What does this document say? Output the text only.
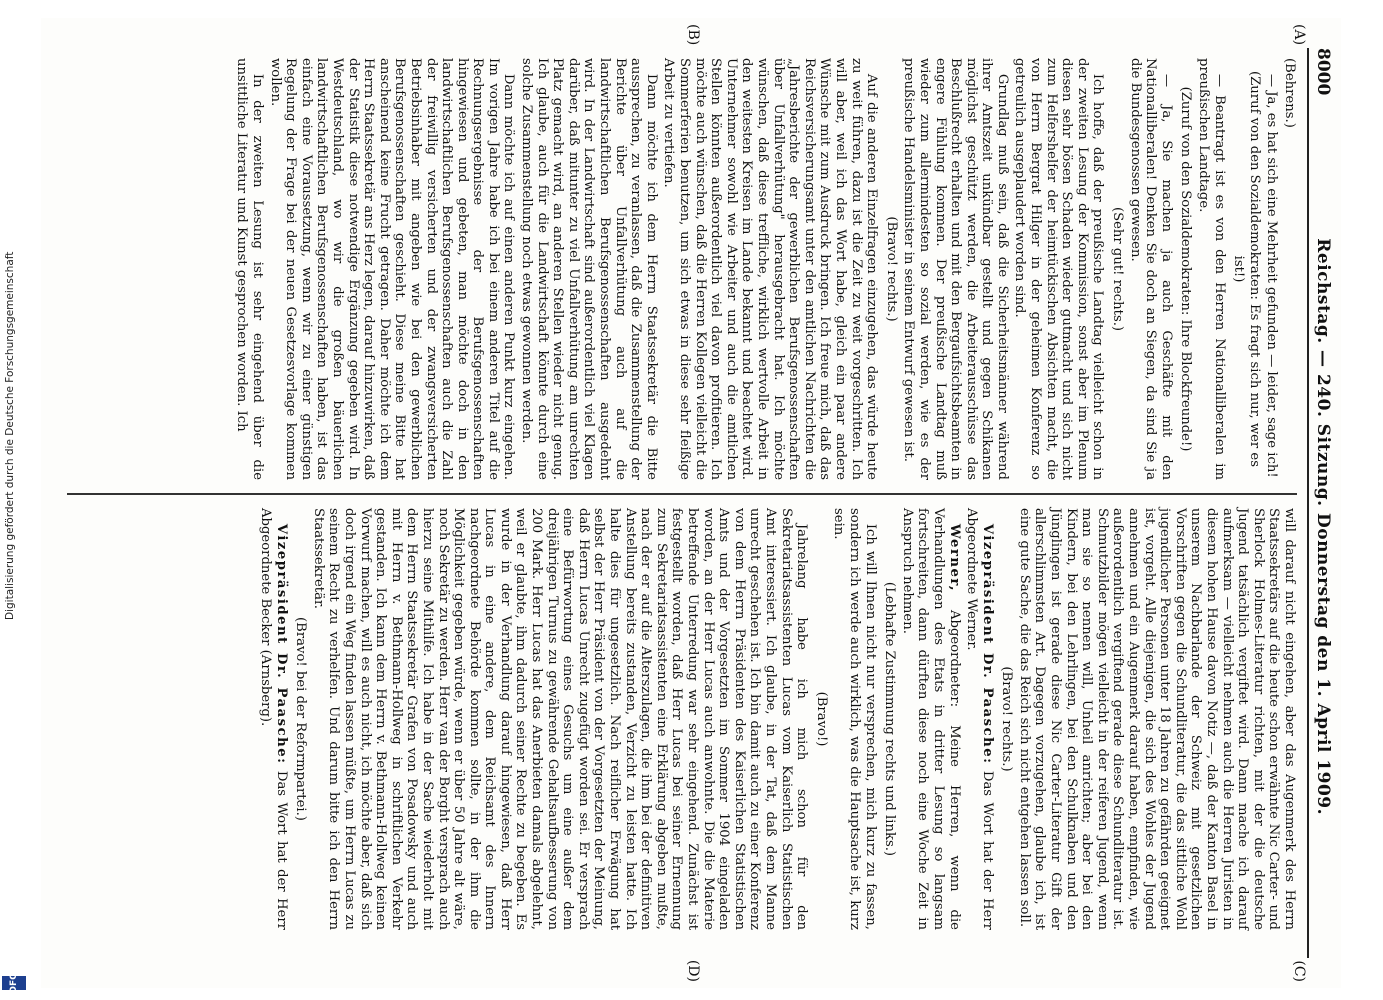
8000
Reichstag. — 240. Sitzung. Donnerstag den 1. April 1909.

(Behrens.)

— Ja, es hat sich eine Mehrheit gefunden — leider, sage ich!

(Zuruf von den Sozialdemokraten: Es fragt sich nur, wer es ist!)

— Beantragt ist es von den Herren Nationalliberalen im preußischen Landtage.

(Zuruf von den Sozialdemokraten: Ihre Blockfreunde!)

— Ja, Sie machen ja auch Geschäfte mit den Nationalliberalen! Denken Sie doch an Siegen, da sind Sie ja die Bundesgenossen gewesen.

(Sehr gut! rechts.)

Ich hoffe, daß der preußische Landtag vielleicht schon in der zweiten Lesung der Kommission, sonst aber im Plenum diesen sehr bösen Schaden wieder gutmacht und sich nicht zum Helfershelfer der heimtückischen Absichten macht, die von Herrn Bergrat Hilger in der geheimen Konferenz so getreulich ausgeplaudert worden sind.

Grundlag muß sein, daß die Sicherheitsmänner während ihrer Amtszeit unkündbar gestellt und gegen Schikanen möglichst geschützt werden, die Arbeiterausschüsse das Beschlußrecht erhalten und mit den Bergaufsichtsbeamten in engere Fühlung kommen. Der preußische Landtag muß wieder zum allermindesten so sozial werden, wie es der preußische Handelsminister in seinem Entwurf gewesen ist.

(Bravo! rechts.)

Auf die anderen Einzelfragen einzugehen, das würde heute zu weit führen, dazu ist die Zeit zu weit vorgeschritten. Ich will aber, weil ich das Wort habe, gleich ein paar andere Wünsche mit zum Ausdruck bringen. Ich freue mich, daß das Reichsversicherungsamt unter den amtlichen Nachrichten die „Jahresberichte der gewerblichen Berufsgenossenschaften über Unfallverhütung" herausgebracht hat. Ich möchte wünschen, daß diese treffliche, wirklich wertvolle Arbeit in den weitesten Kreisen im Lande bekannt und beachtet wird. Unternehmer sowohl wie Arbeiter und auch die amtlichen Stellen könnten außerordentlich viel davon profitieren. Ich möchte auch wünschen, daß die Herren Kollegen vielleicht die Sommerferien benutzen, um sich etwas in diese sehr fleißige Arbeit zu vertiefen.

Dann möchte ich dem Herrn Staatssekretär die Bitte aussprechen, zu veranlassen, daß die Zusammenstellung der Berichte über Unfallverhütung auch auf die landwirtschaftlichen Berufsgenossenschaften ausgedehnt wird. In der Landwirtschaft sind außerordentlich viel Klagen darüber, daß mitunter zu viel Unfallverhütung am unrechten Platz gemacht wird, an anderen Stellen wieder nicht genug. Ich glaube, auch für die Landwirtschaft könnte durch eine solche Zusammenstellung noch etwas gewonnen werden.

Dann möchte ich auf einen anderen Punkt kurz eingehen. Im vorigen Jahre habe ich bei einem anderen Titel auf die Rechnungsergebnisse der Berufsgenossenschaften hingewiesen und gebeten, man möchte doch in den landwirtschaftlichen Berufsgenossenschaften auch die Zahl der freiwillig versicherten und der zwangsversicherten Betriebsinhaber mit angeben wie bei den gewerblichen Berufsgenossenschaften geschieht. Diese meine Bitte hat anscheinend keine Frucht getragen. Daher möchte ich dem Herrn Staatssekretär ans Herz legen, darauf hinzuwirken, daß der Statistik diese notwendige Ergänzung gegeben wird. In Westdeutschland, wo wir die großen bäuerlichen landwirtschaftlichen Berufsgenossenschaften haben, ist das einfach eine Voraussetzung, wenn wir zu einer günstigen Regelung der Frage bei der neuen Gesetzesvorlage kommen wollen.

In der zweiten Lesung ist sehr eingehend über die unsittliche Literatur und Kunst gesprochen worden. Ich

will darauf nicht eingehen, aber das Augenmerk des Herrn Staatssekretärs auf die heute schon erwähnte Nic Carter- und Sherlock Holmes-Literatur richten, mit der die deutsche Jugend tatsächlich vergiftet wird. Dann mache ich darauf aufmerksam — vielleicht nehmen auch die Herren Juristen in diesem hohen Hause davon Notiz —, daß der Kanton Basel in unserem Nachbarlande der Schweiz mit gesetzlichen Vorschriften gegen die Schundliteratur, die das sittliche Wohl jugendlicher Personen unter 18 Jahren zu gefährden geeignet ist, vorgeht. Alle diejenigen, die sich des Wohles der Jugend annehmen und ein Augenmerk darauf haben, empfinden, wie außerordentlich vergiftend gerade diese Schundliteratur ist. Schmutzbilder mögen vielleicht in der reiferen Jugend, wenn man sie so nennen will, Unheil anrichten; aber bei den Kindern, bei den Lehrlingen, bei den Schulknaben und den Jünglingen ist gerade diese Nic Carter-Literatur Gift der allerschlimmsten Art. Dagegen vorzugehen, glaube ich, ist eine gute Sache, die das Reich sich nicht entgehen lassen soll.

(Bravo! rechts.)

Vizepräsident Dr. Paasche: Das Wort hat der Herr Abgeordnete Werner.

Werner, Abgeordneter: Meine Herren, wenn die Verhandlungen des Etats in dritter Lesung so langsam fortschreiten, dann dürften diese noch eine Woche Zeit in Anspruch nehmen.

(Lebhafte Zustimmung rechts und links.)

Ich will Ihnen nicht nur versprechen, mich kurz zu fassen, sondern ich werde auch wirklich, was die Hauptsache ist, kurz sein.

(Bravo!)

Jahrelang habe ich mich schon für den Sekretariatsassistenten Lucas vom Kaiserlich Statistischen Amt interessiert. Ich glaube, in der Tat, daß dem Manne unrecht geschehen ist. Ich bin damit auch zu einer Konferenz von dem Herrn Präsidenten des Kaiserlichen Statistischen Amts und der Vorgesetzten im Sommer 1904 eingeladen worden, an der Herr Lucas auch anwohnte. Die die Materie betreffende Unterredung war sehr eingehend. Zunächst ist festgestellt worden, daß Herr Lucas bei seiner Ernennung zum Sekretariatsassistenten eine Erklärung abgeben mußte, nach der er auf die Alterszulagen, die ihm bei der definitiven Anstellung bereits zustanden, Verzicht zu leisten hatte. Ich halte dies für ungesetzlich. Nach reiflicher Erwägung hat selbst der Herr Präsident von der Vorgesetzten der Meinung, daß Herrn Lucas Unrecht zugefügt worden sei. Er versprach eine Befürwortung eines Gesuchs um eine außer dem dreijährigen Turnus zu gewährende Gehaltsaufbesserung von 200 Mark. Herr Lucas hat das Anerbieten damals abgelehnt, weil er glaubte, ihm dadurch seiner Rechte zu begeben. Es wurde in der Verhandlung darauf hingewiesen, daß Herr Lucas in eine andere, dem Reichsamt des Innern nachgeordnete Behörde kommen sollte, in der ihm die Möglichkeit gegeben würde, wenn er über 50 Jahre alt wäre, noch Sekretär zu werden. Herr van der Borght versprach auch hierzu seine Mithilfe. Ich habe in der Sache wiederholt mit dem Herrn Staatssekretär Grafen von Posadowsky und auch mit Herrn v. Bethmann-Hollweg in schriftlichen Verkehr gestanden. Ich kann dem Herrn v. Bethmann-Hollweg keinen Vorwurf machen, will es auch nicht, ich möchte aber, daß sich doch irgend ein Weg finden lassen müßte, um Herrn Lucas zu seinem Recht zu verhelfen. Und darum bitte ich den Herrn Staatssekretär.

(Bravo! bei der Reformpartei.)

Vizepräsident Dr. Paasche: Das Wort hat der Herr Abgeordnete Becker (Arnsberg).

(A)
(B)
(C)
(D)
Digitalisierung gefördert durch die Deutsche Forschungsgemeinschaft
DFG
